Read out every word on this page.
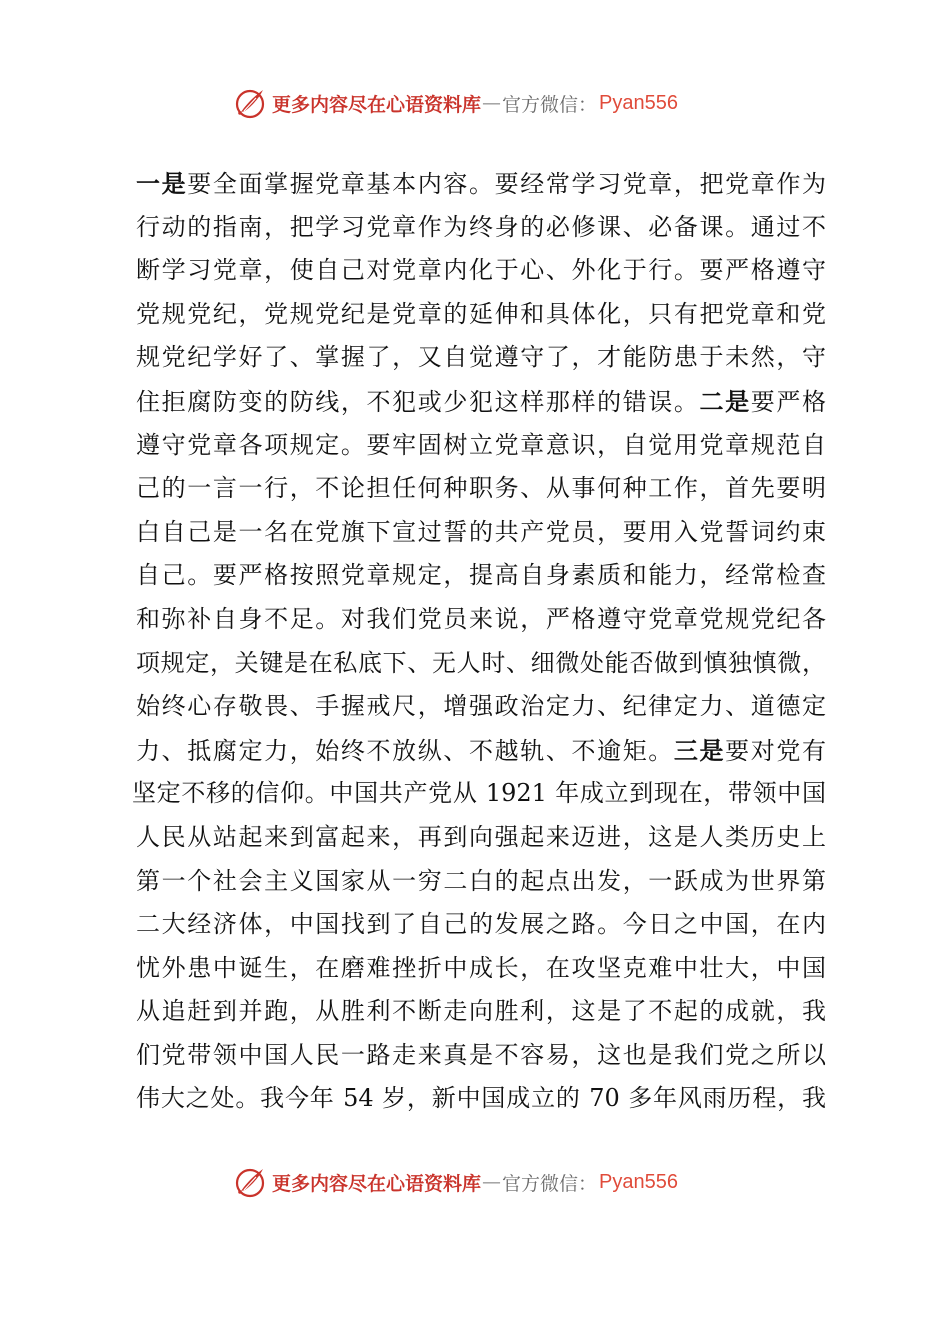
更多内容尽在心语资料库 — 官方微信： Pyan556
一是要全面掌握党章基本内容。要经常学习党章，把党章作为
行动的指南，把学习党章作为终身的必修课、必备课。通过不
断学习党章，使自己对党章内化于心、外化于行。要严格遵守
党规党纪，党规党纪是党章的延伸和具体化，只有把党章和党
规党纪学好了、掌握了，又自觉遵守了，才能防患于未然，守
住拒腐防变的防线，不犯或少犯这样那样的错误。二是要严格
遵守党章各项规定。要牢固树立党章意识，自觉用党章规范自
己的一言一行，不论担任何种职务、从事何种工作，首先要明
白自己是一名在党旗下宣过誓的共产党员，要用入党誓词约束
自己。要严格按照党章规定，提高自身素质和能力，经常检查
和弥补自身不足。对我们党员来说，严格遵守党章党规党纪各
项规定，关键是在私底下、无人时、细微处能否做到慎独慎微，
始终心存敬畏、手握戒尺，增强政治定力、纪律定力、道德定
力、抵腐定力，始终不放纵、不越轨、不逾矩。三是要对党有
坚定不移的信仰。中国共产党从 1921 年成立到现在，带领中国
人民从站起来到富起来，再到向强起来迈进，这是人类历史上
第一个社会主义国家从一穷二白的起点出发，一跃成为世界第
二大经济体，中国找到了自己的发展之路。今日之中国，在内
忧外患中诞生，在磨难挫折中成长，在攻坚克难中壮大，中国
从追赶到并跑，从胜利不断走向胜利，这是了不起的成就，我
们党带领中国人民一路走来真是不容易，这也是我们党之所以
伟大之处。我今年 54 岁，新中国成立的 70 多年风雨历程，我
更多内容尽在心语资料库 — 官方微信： Pyan556
